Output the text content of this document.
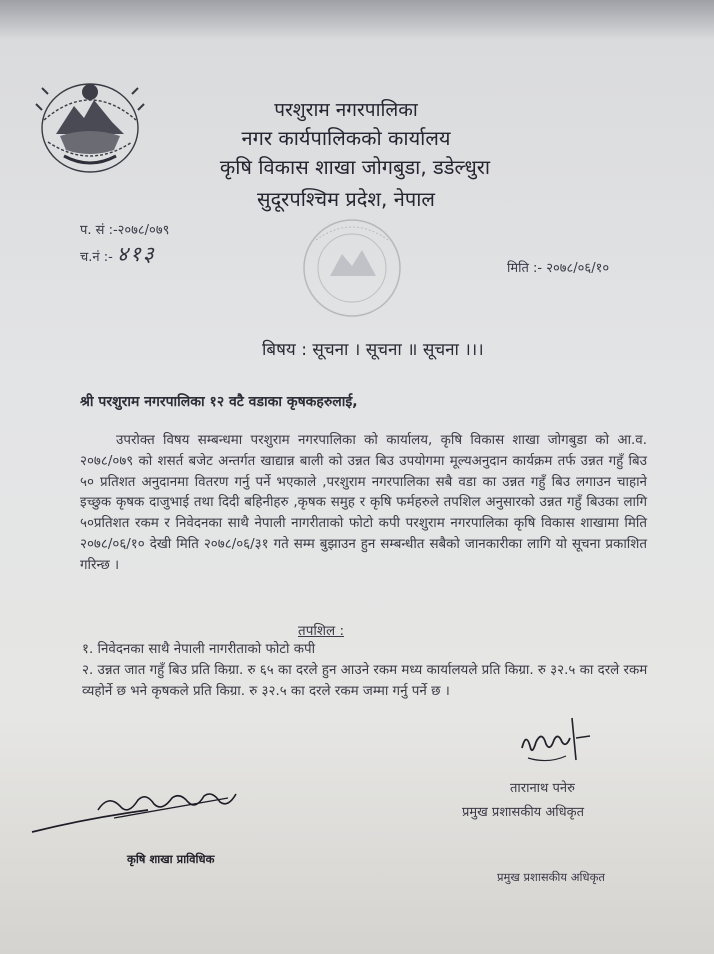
परशुराम नगरपालिका
नगर कार्यपालिकको कार्यालय
कृषि विकास शाखा जोगबुडा, डडेल्धुरा
सुदूरपश्चिम प्रदेश, नेपाल
प. सं :-२०७८/०७९
च.नं :- ४१३
मिति :- २०७८/०६/१०
बिषय : सूचना । सूचना ॥ सूचना ।।।
श्री परशुराम नगरपालिका १२ वटै वडाका कृषकहरुलाई,
उपरोक्त विषय सम्बन्धमा परशुराम नगरपालिका को कार्यालय, कृषि विकास शाखा जोगबुडा को आ.व. २०७८/०७९ को शसर्त बजेट अन्तर्गत खाद्यान्न बाली को उन्नत बिउ उपयोगमा मूल्यअनुदान कार्यक्रम तर्फ उन्नत गहुँ बिउ ५० प्रतिशत अनुदानमा वितरण गर्नु पर्ने भएकाले ,परशुराम नगरपालिका सबै वडा का उन्नत गहुँ बिउ लगाउन चाहाने इच्छुक कृषक दाजुभाई तथा दिदी बहिनीहरु ,कृषक समुह र कृषि फर्महरुले तपशिल अनुसारको उन्नत गहुँ बिउका लागि ५०प्रतिशत रकम र निवेदनका साथै नेपाली नागरीताको फोटो कपी परशुराम नगरपालिका कृषि विकास शाखामा मिति २०७८/०६/१० देखी मिति २०७८/०६/३१ गते सम्म बुझाउन हुन सम्बन्धीत सबैको जानकारीका लागि यो सूचना प्रकाशित गरिन्छ ।
तपशिल :

१. निवेदनका साथै नेपाली नागरीताको फोटो कपी

२. उन्नत जात गहुँ बिउ प्रति किग्रा. रु ६५ का दरले हुन आउने रकम मध्य कार्यालयले प्रति किग्रा. रु ३२.५ का दरले रकम व्यहोर्ने छ भने कृषकले प्रति किग्रा. रु ३२.५ का दरले रकम जम्मा गर्नु पर्ने छ ।

तारानाथ पनेरु
प्रमुख प्रशासकीय अधिकृत
कृषि शाखा प्राविधिक
प्रमुख प्रशासकीय अधिकृत
